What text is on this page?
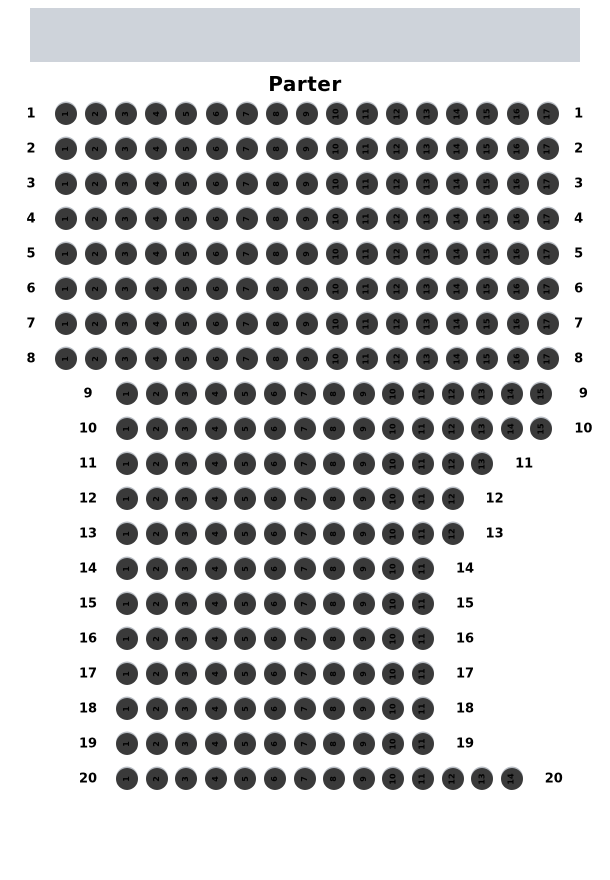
Parter
1	1	2	3	4	5	6	7	8	9	10	11	12	13	14	15	16	17 1
2	1	2	3	4	5	6	7	8	9	10	11	12	13	14	15	16	17 2
3	1	2	3	4	5	6	7	8	9	10	11	12	13	14	15	16	17 3
4	1	2	3	4	5	6	7	8	9	10	11	12	13	14	15	16	17 4
5	1	2	3	4	5	6	7	8	9	10	11	12	13	14	15	16	17 5
6	1	2	3	4	5	6	7	8	9	10	11	12	13	14	15	16	17 6
7	1	2	3	4	5	6	7	8	9	10	11	12	13	14	15	16	17 7
8	1	2	3	4	5	6	7	8	9	10	11	12	13	14	15	16	17 8
9	1	2	3	4	5	6	7	8	9	10	11	12	13	14	15	9
10	1	2	3	4	5	6	7	8	9	10	11	12	13	14	15 10
11	1	2	3	4	5	6	7	8	9	10	11	12	13 11
12	1	2	3	4	5	6	7	8	9	10	11	12 12
13	1	2	3	4	5	6	7	8	9	10	11	12 13
14	1	2	3	4	5	6	7	8	9	10	11 14
15	1	2	3	4	5	6	7	8	9	10	11 15
16	1	2	3	4	5	6	7	8	9	10	11 16
17	1	2	3	4	5	6	7	8	9	10	11 17
18	1	2	3	4	5	6	7	8	9	10	11 18
19	1	2	3	4	5	6	7	8	9	10	11 19
20	1	2	3	4	5	6	7	8	9	10	11	12	13	14 20
